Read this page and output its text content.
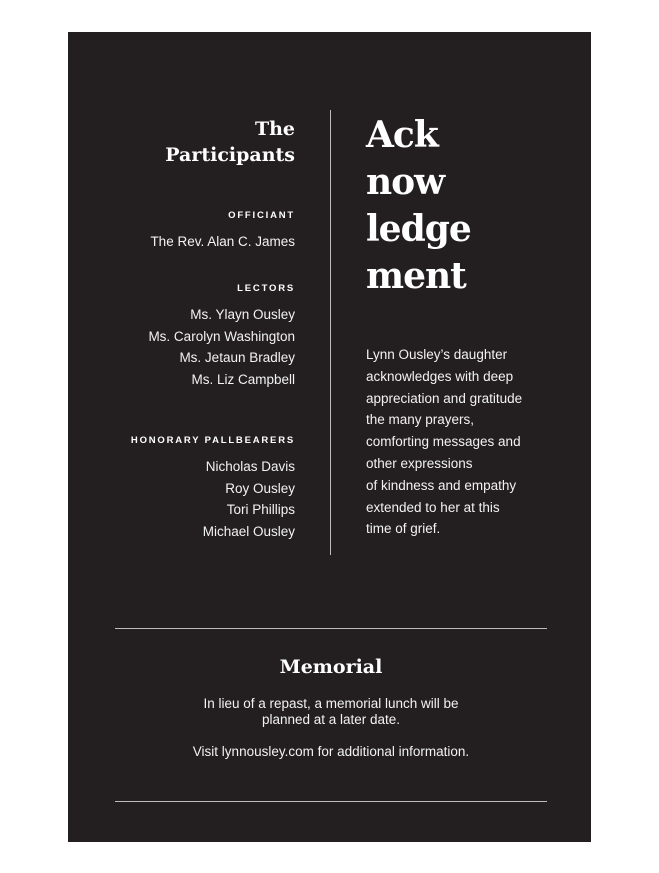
The
Participants

OFFICIANT

The Rev. Alan C. James

LECTORS

Ms. Ylayn Ousley
Ms. Carolyn Washington
Ms. Jetaun Bradley
Ms. Liz Campbell

HONORARY PALLBEARERS

Nicholas Davis
Roy Ousley
Tori Phillips
Michael Ousley
Ack
now
ledge
ment

Lynn Ousley’s daughter
acknowledges with deep
appreciation and gratitude
the many prayers,
comforting messages and
other expressions
of kindness and empathy
extended to her at this
time of grief.

Memorial

In lieu of a repast, a memorial lunch will be planned at a later date.

Visit lynnousley.com for additional information.
